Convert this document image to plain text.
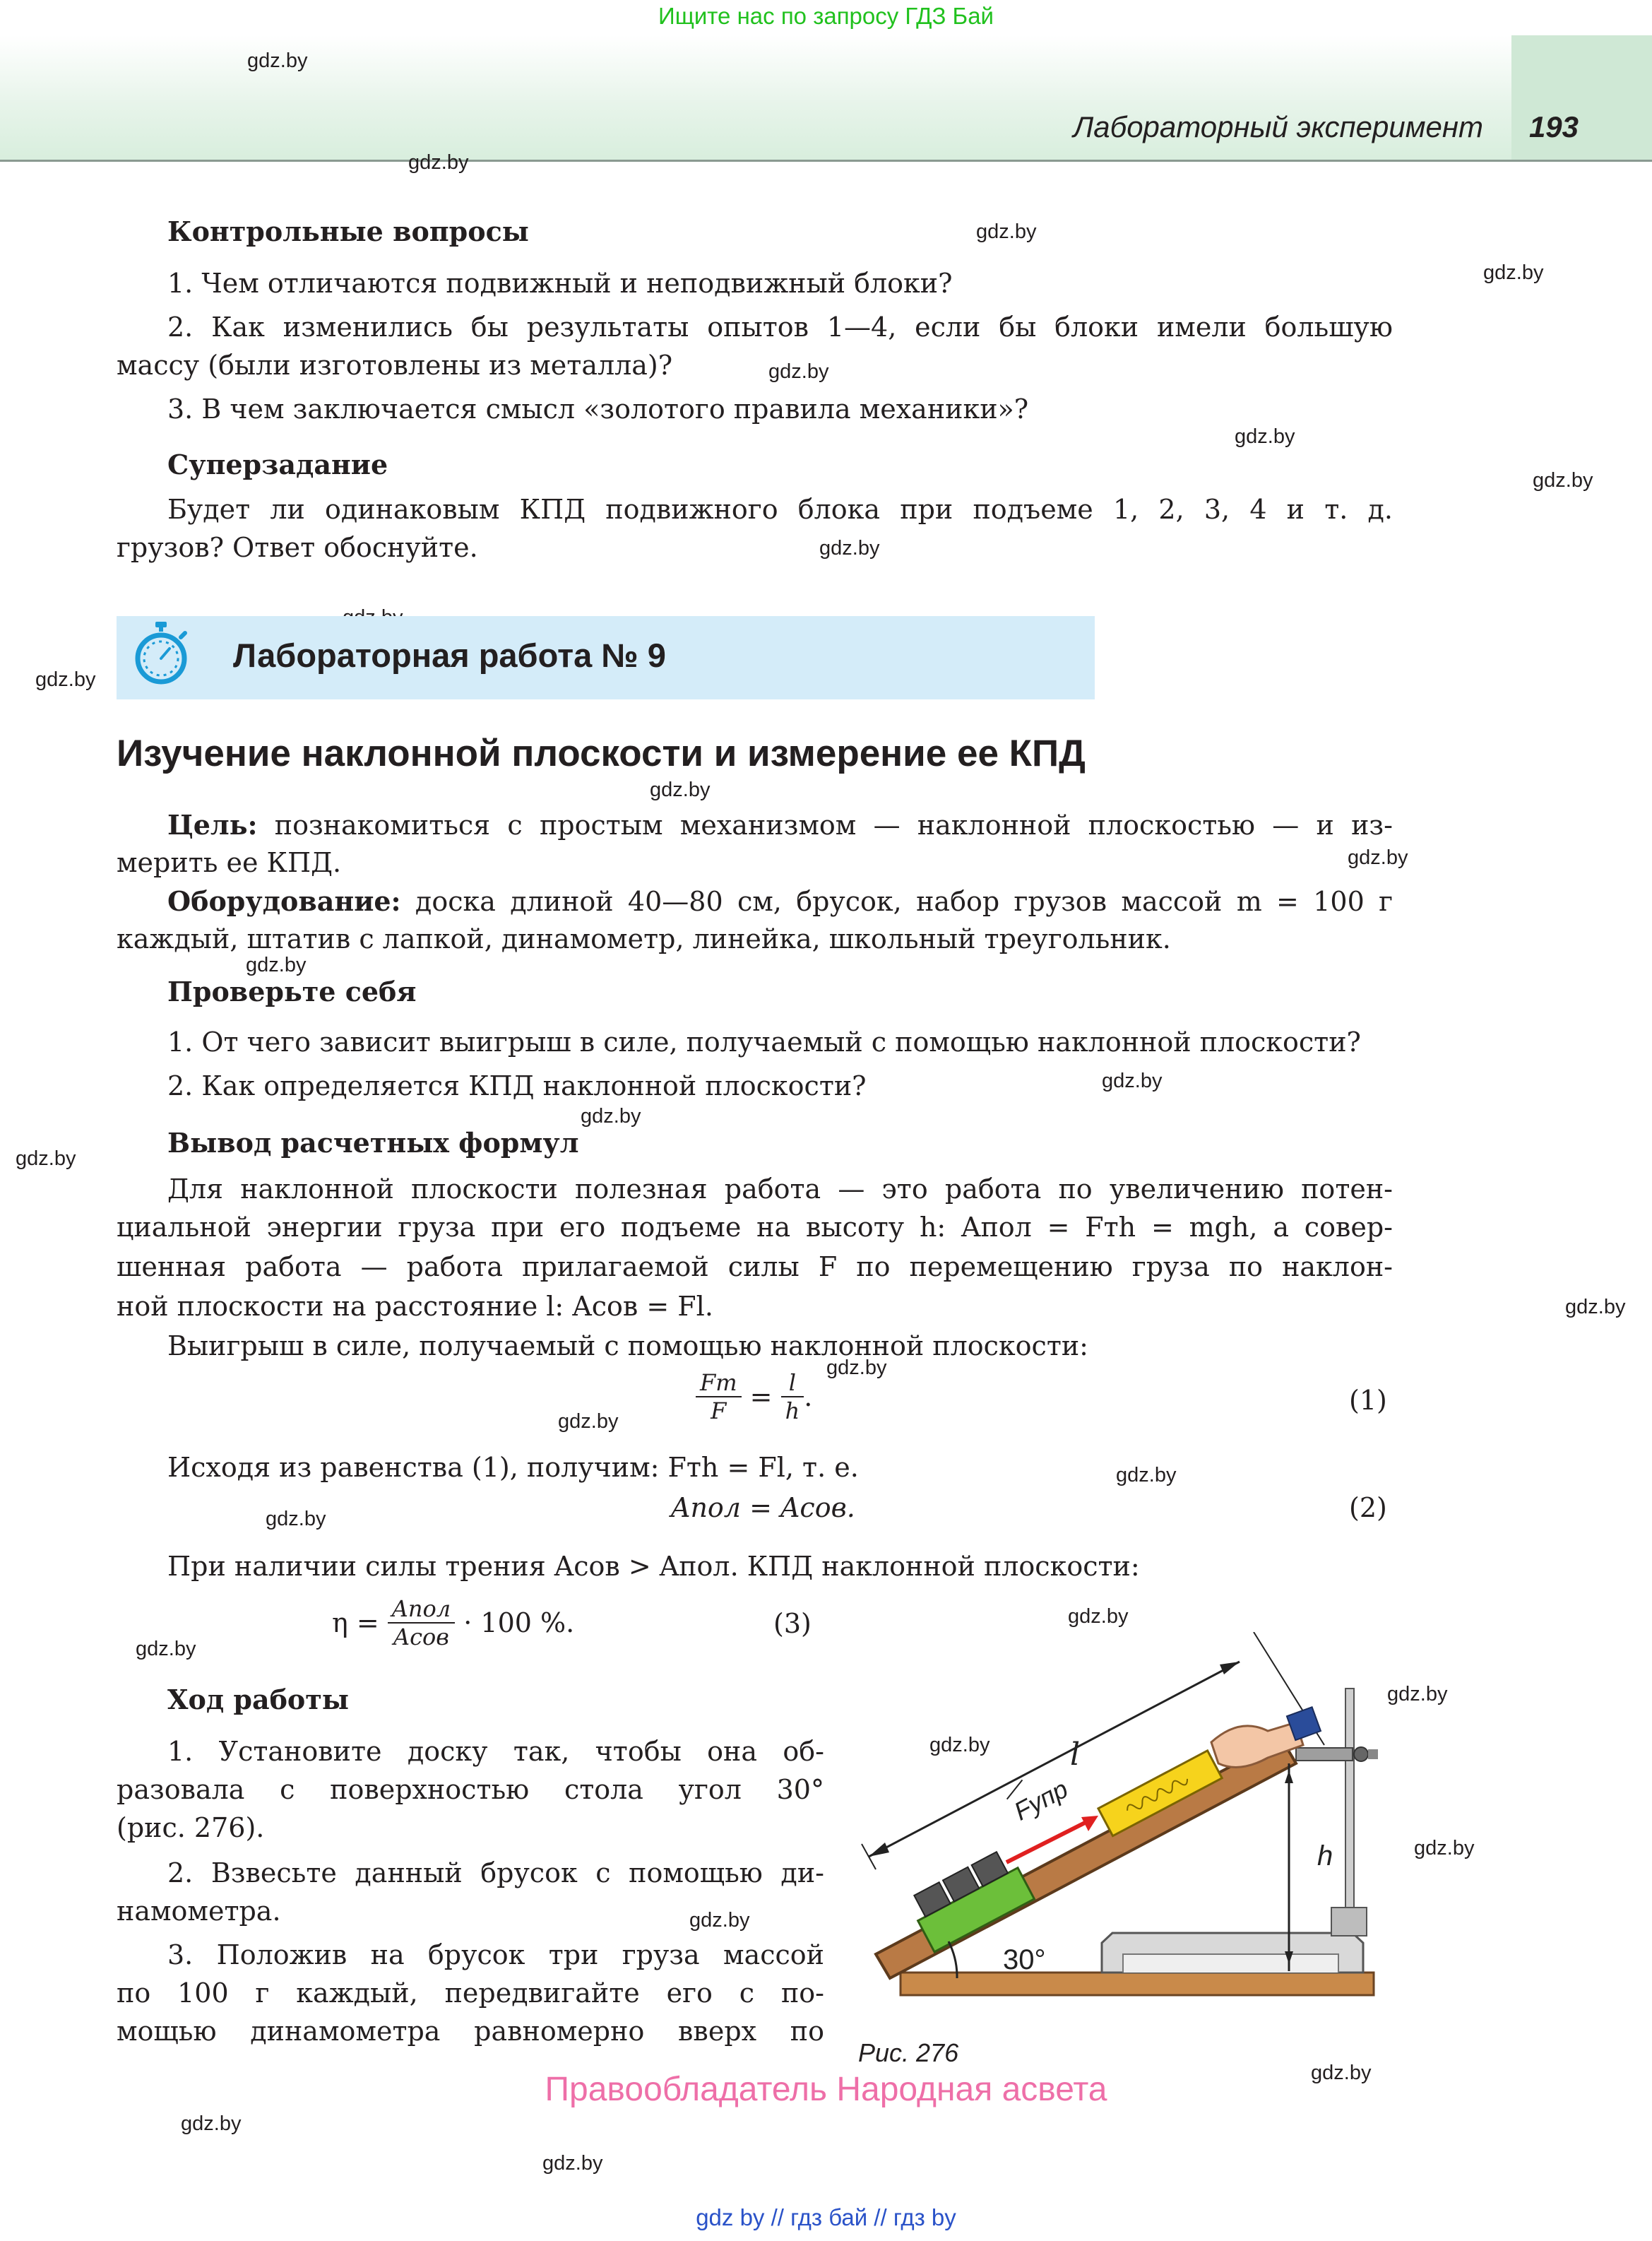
Ищите нас по запросу ГДЗ Бай
Лабораторный эксперимент	193
gdz.by
gdz.by
gdz.by
gdz.by
gdz.by
gdz.by
gdz.by
gdz.by
gdz.by
gdz.by
gdz.by
gdz.by
gdz.by
gdz.by
gdz.by
gdz.by
gdz.by
gdz.by
gdz.by
gdz.by
gdz.by
gdz.by
gdz.by
gdz.by
gdz.by
gdz.by
gdz.by
gdz.by
gdz.by
Контрольные вопросы
1. Чем отличаются подвижный и неподвижный блоки?
2. Как изменились бы результаты опытов 1—4, если бы блоки имели большую
массу (были изготовлены из металла)?
3. В чем заключается смысл «золотого правила механики»?
Суперзадание
Будет ли одинаковым КПД подвижного блока при подъеме 1, 2, 3, 4 и т. д.
грузов? Ответ обоснуйте.
Лабораторная работа № 9
Изучение наклонной плоскости и измерение ее КПД
Цель: познакомиться с простым механизмом — наклонной плоскостью — и из-
мерить ее КПД.
Оборудование: доска длиной 40—80 см, брусок, набор грузов массой m = 100 г
каждый, штатив с лапкой, динамометр, линейка, школьный треугольник.
Проверьте себя
1. От чего зависит выигрыш в силе, получаемый с помощью наклонной плоскости?
2. Как определяется КПД наклонной плоскости?
Вывод расчетных формул
Для наклонной плоскости полезная работа — это работа по увеличению потен-
циальной энергии груза при его подъеме на высоту h: Aпол = Fтh = mgh, а совер-
шенная работа — работа прилагаемой силы F по перемещению груза по наклон-
ной плоскости на расстояние l: Aсов = Fl.
Выигрыш в силе, получаемый с помощью наклонной плоскости:
$\frac{Fт}{F} = \frac{l}{h}$ .	(1)
Исходя из равенства (1), получим: Fтh = Fl, т. е.
Aпол = Aсов.	(2)
При наличии силы трения Aсов > Aпол. КПД наклонной плоскости:
$\eta = \frac{\text{Aпол}}{\text{Aсов}} \cdot 100$ %.	(3)
Ход работы
1. Установите доску так, чтобы она об-
разовала с поверхностью стола угол 30°
(рис. 276).
2. Взвесьте данный брусок с помощью ди-
намометра.
3. Положив на брусок три груза массой
по 100 г каждый, передвигайте его с по-
мощью динамометра равномерно вверх по
30°
l
h
Fупр
Рис. 276
Правообладатель Народная асвета
gdz by // гдз бай // гдз by
